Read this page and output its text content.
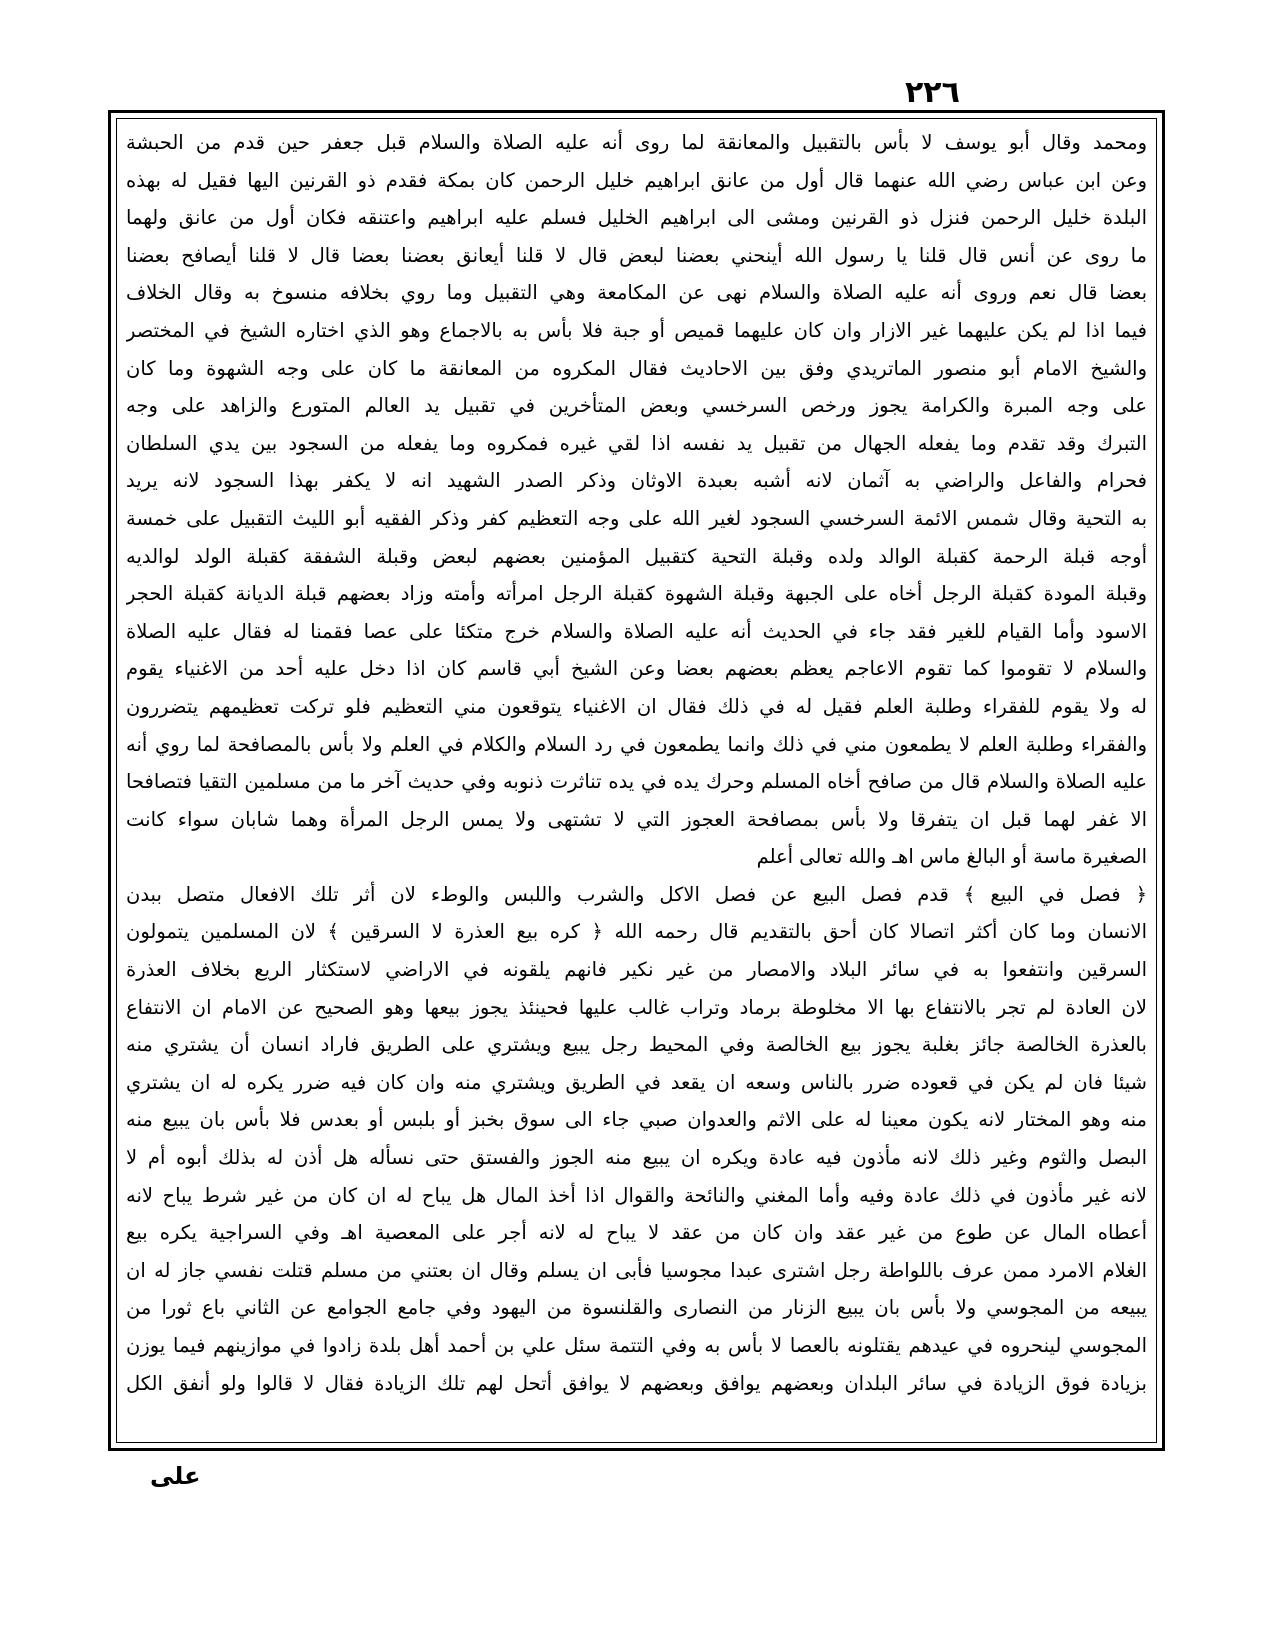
٢٢٦
ومحمد وقال أبو يوسف لا بأس بالتقبيل والمعانقة لما روى أنه عليه الصلاة والسلام قبل جعفر حين قدم من الحبشة
وعن ابن عباس رضي الله عنهما قال أول من عانق ابراهيم خليل الرحمن كان بمكة فقدم ذو القرنين اليها فقيل له بهذه
البلدة خليل الرحمن فنزل ذو القرنين ومشى الى ابراهيم الخليل فسلم عليه ابراهيم واعتنقه فكان أول من عانق ولهما
ما روى عن أنس قال قلنا يا رسول الله أينحني بعضنا لبعض قال لا قلنا أيعانق بعضنا بعضا قال لا قلنا أيصافح بعضنا
بعضا قال نعم وروى أنه عليه الصلاة والسلام نهى عن المكامعة وهي التقبيل وما روي بخلافه منسوخ به وقال الخلاف
فيما اذا لم يكن عليهما غير الازار وان كان عليهما قميص أو جبة فلا بأس به بالاجماع وهو الذي اختاره الشيخ في المختصر
والشيخ الامام أبو منصور الماتريدي وفق بين الاحاديث فقال المكروه من المعانقة ما كان على وجه الشهوة وما كان
على وجه المبرة والكرامة يجوز ورخص السرخسي وبعض المتأخرين في تقبيل يد العالم المتورع والزاهد على وجه
التبرك وقد تقدم وما يفعله الجهال من تقبيل يد نفسه اذا لقي غيره فمكروه وما يفعله من السجود بين يدي السلطان
فحرام والفاعل والراضي به آثمان لانه أشبه بعبدة الاوثان وذكر الصدر الشهيد انه لا يكفر بهذا السجود لانه يريد
به التحية وقال شمس الائمة السرخسي السجود لغير الله على وجه التعظيم كفر وذكر الفقيه أبو الليث التقبيل على خمسة
أوجه قبلة الرحمة كقبلة الوالد ولده وقبلة التحية كتقبيل المؤمنين بعضهم لبعض وقبلة الشفقة كقبلة الولد لوالديه
وقبلة المودة كقبلة الرجل أخاه على الجبهة وقبلة الشهوة كقبلة الرجل امرأته وأمته وزاد بعضهم قبلة الديانة كقبلة الحجر
الاسود وأما القيام للغير فقد جاء في الحديث أنه عليه الصلاة والسلام خرج متكئا على عصا فقمنا له فقال عليه الصلاة
والسلام لا تقوموا كما تقوم الاعاجم يعظم بعضهم بعضا وعن الشيخ أبي قاسم كان اذا دخل عليه أحد من الاغنياء يقوم
له ولا يقوم للفقراء وطلبة العلم فقيل له في ذلك فقال ان الاغنياء يتوقعون مني التعظيم فلو تركت تعظيمهم يتضررون
والفقراء وطلبة العلم لا يطمعون مني في ذلك وانما يطمعون في رد السلام والكلام في العلم ولا بأس بالمصافحة لما روي أنه
عليه الصلاة والسلام قال من صافح أخاه المسلم وحرك يده في يده تناثرت ذنوبه وفي حديث آخر ما من مسلمين التقيا فتصافحا
الا غفر لهما قبل ان يتفرقا ولا بأس بمصافحة العجوز التي لا تشتهى ولا يمس الرجل المرأة وهما شابان سواء كانت
الصغيرة ماسة أو البالغ ماس اهـ والله تعالى أعلم
﴿ فصل في البيع ﴾ قدم فصل البيع عن فصل الاكل والشرب واللبس والوطء لان أثر تلك الافعال متصل ببدن
الانسان وما كان أكثر اتصالا كان أحق بالتقديم قال رحمه الله ﴿ كره بيع العذرة لا السرقين ﴾ لان المسلمين يتمولون
السرقين وانتفعوا به في سائر البلاد والامصار من غير نكير فانهم يلقونه في الاراضي لاستكثار الريع بخلاف العذرة
لان العادة لم تجر بالانتفاع بها الا مخلوطة برماد وتراب غالب عليها فحينئذ يجوز بيعها وهو الصحيح عن الامام ان الانتفاع
بالعذرة الخالصة جائز بغلبة يجوز بيع الخالصة وفي المحيط رجل يبيع ويشتري على الطريق فاراد انسان أن يشتري منه
شيئا فان لم يكن في قعوده ضرر بالناس وسعه ان يقعد في الطريق ويشتري منه وان كان فيه ضرر يكره له ان يشتري
منه وهو المختار لانه يكون معينا له على الاثم والعدوان صبي جاء الى سوق بخبز أو بلبس أو بعدس فلا بأس بان يبيع منه
البصل والثوم وغير ذلك لانه مأذون فيه عادة ويكره ان يبيع منه الجوز والفستق حتى نسأله هل أذن له بذلك أبوه أم لا
لانه غير مأذون في ذلك عادة وفيه وأما المغني والنائحة والقوال اذا أخذ المال هل يباح له ان كان من غير شرط يباح لانه
أعطاه المال عن طوع من غير عقد وان كان من عقد لا يباح له لانه أجر على المعصية اهـ وفي السراجية يكره بيع
الغلام الامرد ممن عرف باللواطة رجل اشترى عبدا مجوسيا فأبى ان يسلم وقال ان بعتني من مسلم قتلت نفسي جاز له ان
يبيعه من المجوسي ولا بأس بان يبيع الزنار من النصارى والقلنسوة من اليهود وفي جامع الجوامع عن الثاني باع ثورا من
المجوسي لينحروه في عيدهم يقتلونه بالعصا لا بأس به وفي التتمة سئل علي بن أحمد أهل بلدة زادوا في موازينهم فيما يوزن
بزيادة فوق الزيادة في سائر البلدان وبعضهم يوافق وبعضهم لا يوافق أتحل لهم تلك الزيادة فقال لا قالوا ولو أنفق الكل
على
